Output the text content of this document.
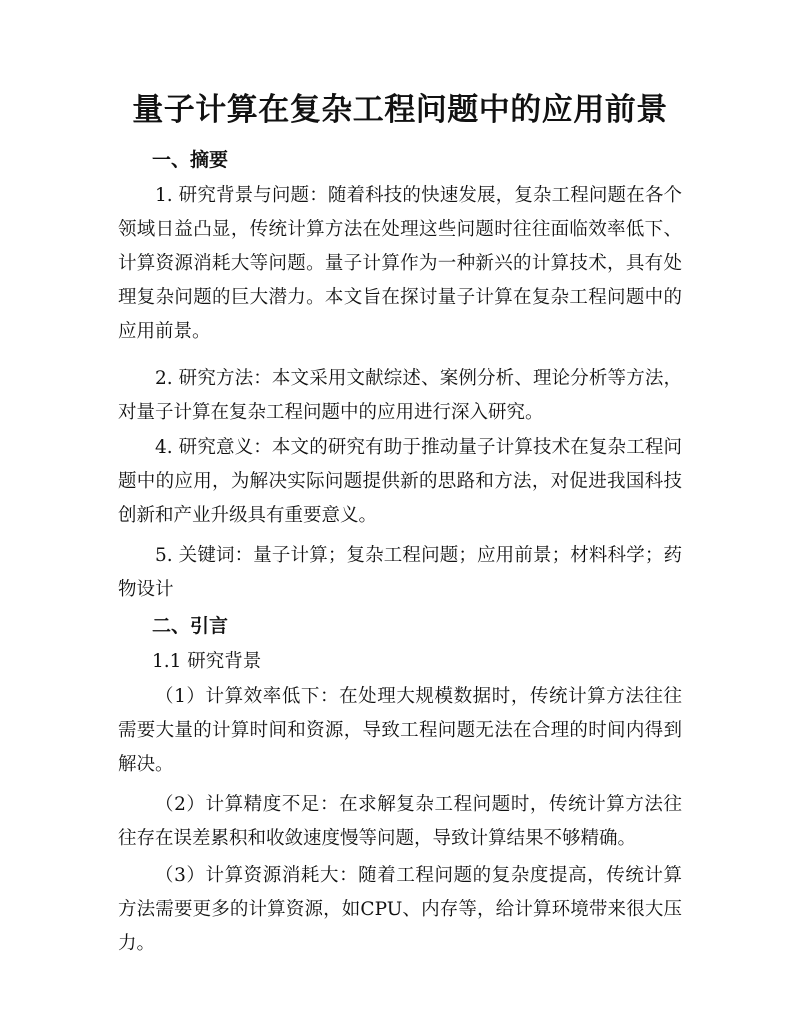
量子计算在复杂工程问题中的应用前景
一、摘要

1. 研究背景与问题：随着科技的快速发展，复杂工程问题在各个领域日益凸显，传统计算方法在处理这些问题时往往面临效率低下、计算资源消耗大等问题。量子计算作为一种新兴的计算技术，具有处理复杂问题的巨大潜力。本文旨在探讨量子计算在复杂工程问题中的应用前景。

2. 研究方法：本文采用文献综述、案例分析、理论分析等方法，对量子计算在复杂工程问题中的应用进行深入研究。

4. 研究意义：本文的研究有助于推动量子计算技术在复杂工程问题中的应用，为解决实际问题提供新的思路和方法，对促进我国科技创新和产业升级具有重要意义。

5. 关键词：量子计算；复杂工程问题；应用前景；材料科学；药物设计

二、引言

1.1 研究背景

（1）计算效率低下：在处理大规模数据时，传统计算方法往往需要大量的计算时间和资源，导致工程问题无法在合理的时间内得到解决。

（2）计算精度不足：在求解复杂工程问题时，传统计算方法往往存在误差累积和收敛速度慢等问题，导致计算结果不够精确。

（3）计算资源消耗大：随着工程问题的复杂度提高，传统计算方法需要更多的计算资源，如CPU、内存等，给计算环境带来很大压力。
